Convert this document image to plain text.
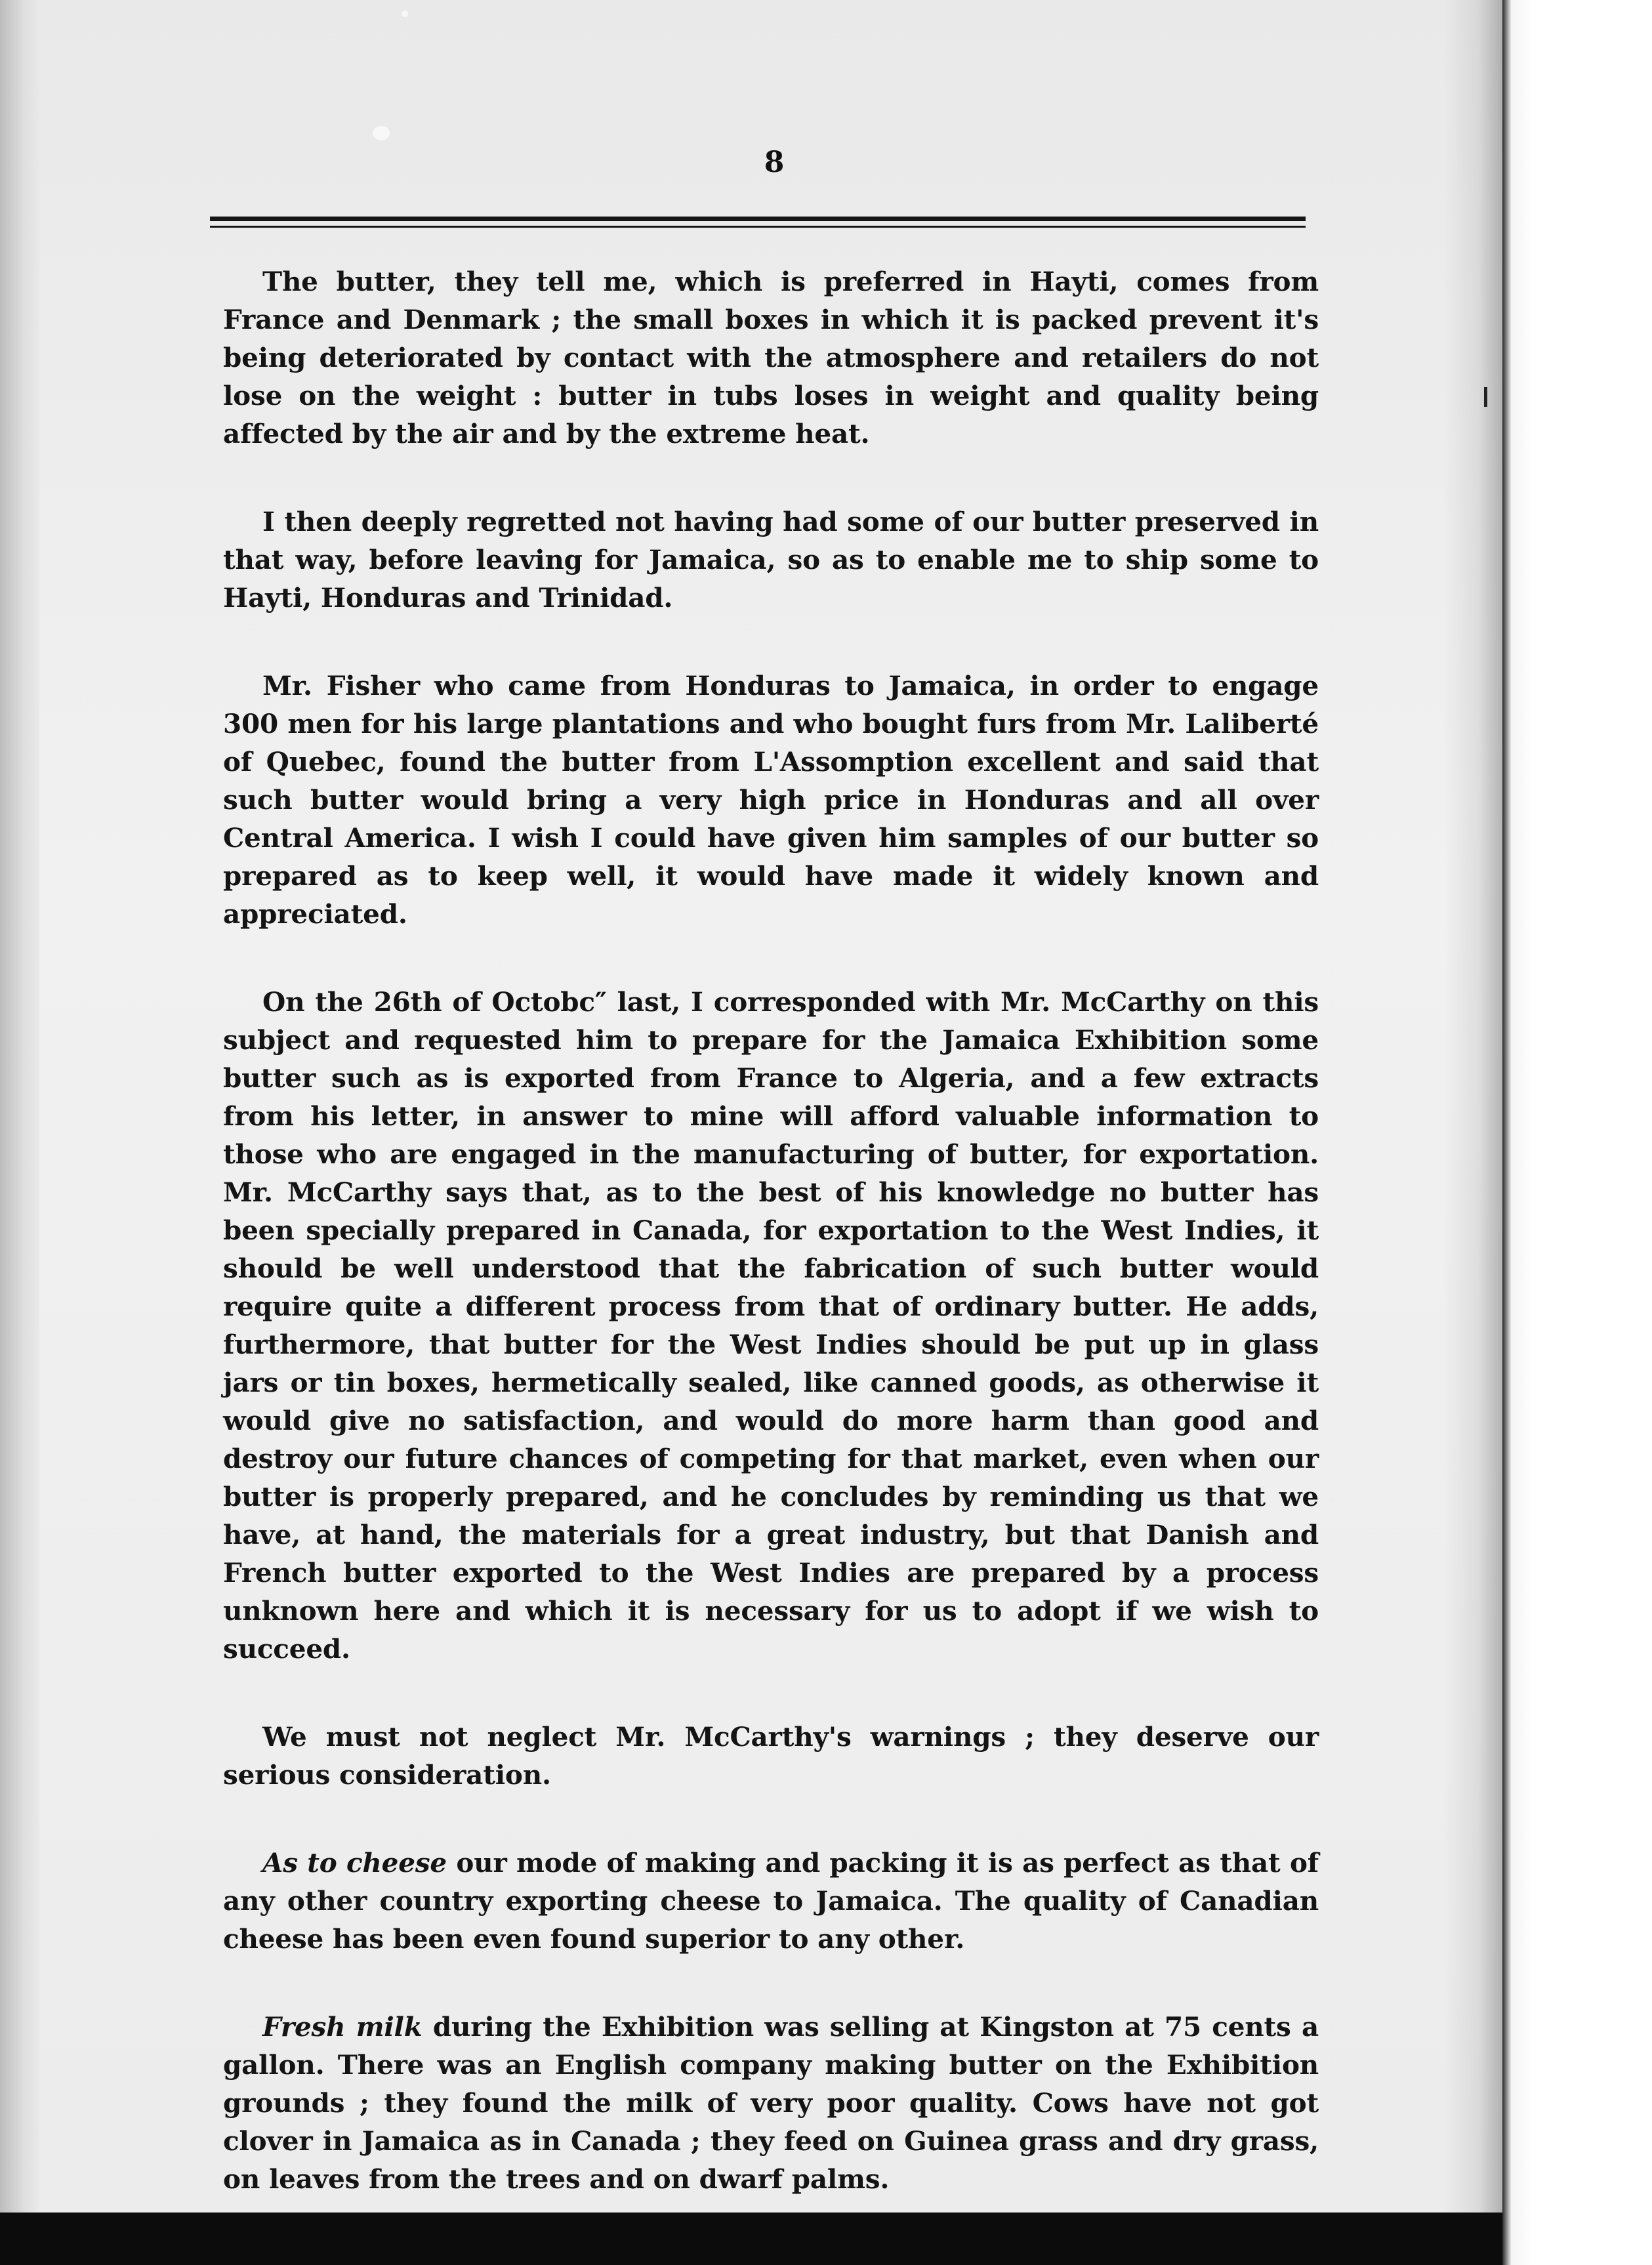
8

The butter, they tell me, which is preferred in Hayti, comes from France and Denmark ; the small boxes in which it is packed prevent it's being deteriorated by contact with the atmosphere and retailers do not lose on the weight : butter in tubs loses in weight and quality being affected by the air and by the extreme heat.

I then deeply regretted not having had some of our butter preserved in that way, before leaving for Jamaica, so as to enable me to ship some to Hayti, Honduras and Trinidad.

Mr. Fisher who came from Honduras to Jamaica, in order to engage 300 men for his large plantations and who bought furs from Mr. Laliberté of Quebec, found the butter from L'Assomption excellent and said that such butter would bring a very high price in Honduras and all over Central America. I wish I could have given him samples of our butter so prepared as to keep well, it would have made it widely known and appreciated.

On the 26th of Octobc″ last, I corresponded with Mr. McCarthy on this subject and requested him to prepare for the Jamaica Exhibition some butter such as is exported from France to Algeria, and a few extracts from his letter, in answer to mine will afford valuable information to those who are engaged in the manufacturing of butter, for exportation. Mr. McCarthy says that, as to the best of his knowledge no butter has been specially prepared in Canada, for exportation to the West Indies, it should be well understood that the fabrication of such butter would require quite a different process from that of ordinary butter. He adds, furthermore, that butter for the West Indies should be put up in glass jars or tin boxes, hermetically sealed, like canned goods, as otherwise it would give no satisfaction, and would do more harm than good and destroy our future chances of competing for that market, even when our butter is properly prepared, and he concludes by reminding us that we have, at hand, the materials for a great industry, but that Danish and French butter exported to the West Indies are prepared by a process unknown here and which it is necessary for us to adopt if we wish to succeed.

We must not neglect Mr. McCarthy's warnings ; they deserve our serious consideration.

As to cheese our mode of making and packing it is as perfect as that of any other country exporting cheese to Jamaica. The quality of Canadian cheese has been even found superior to any other.

Fresh milk during the Exhibition was selling at Kingston at 75 cents a gallon. There was an English company making butter on the Exhibition grounds ; they found the milk of very poor quality. Cows have not got clover in Jamaica as in Canada ; they feed on Guinea grass and dry grass, on leaves from the trees and on dwarf palms.
